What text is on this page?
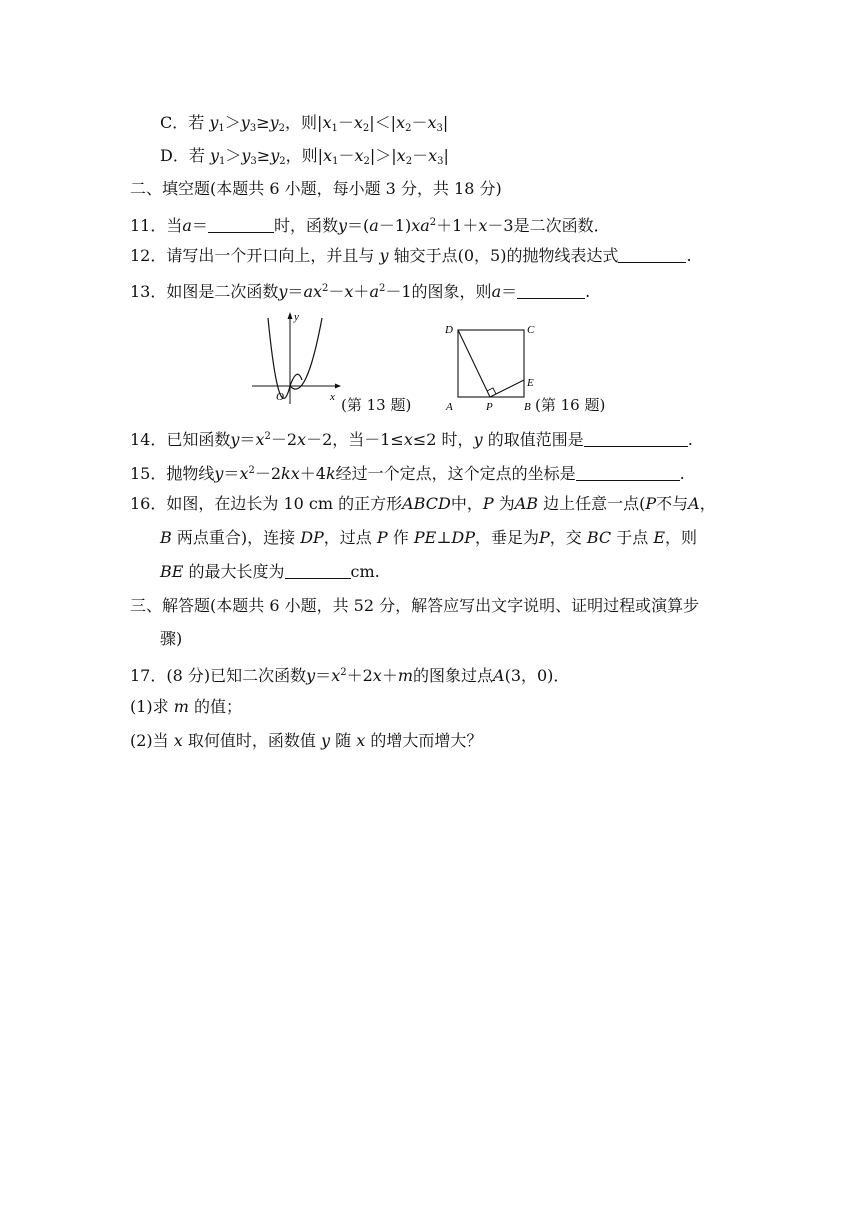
C．若 $y_1>y_3\ge y_2$，则$|x_1-x_2|<|x_2-x_3|$
D．若 $y_1>y_3\ge y_2$，则$|x_1-x_2|>|x_2-x_3|$
二、填空题(本题共 6 小题，每小题 3 分，共 18 分)
11．当a＝	时，函数$y=(a-1)xa^2+1+x-3$是二次函数．
12．请写出一个开口向上，并且与 y 轴交于点(0，5)的抛物线表达式	.
13．如图是二次函数$y=ax^2-x+a^2-1$的图象，则a＝	.
y
x
O	(第 13 题)
D	C
E
A	P	B (第 16 题)
14．已知函数$y=x^2-2x-2$，当－1≤x≤2 时，y 的取值范围是	.
15．抛物线$y=x^2-2kx+4k$经过一个定点，这个定点的坐标是	.
16．如图，在边长为 10 cm 的正方形ABCD中，P 为AB 边上任意一点(P不与A，
B 两点重合)，连接 DP，过点 P 作 PE⊥DP，垂足为P，交 BC 于点 E，则
BE 的最大长度为	cm.
三、解答题(本题共 6 小题，共 52 分，解答应写出文字说明、证明过程或演算步
骤)
17．(8 分)已知二次函数$y=x^2+2x+m$的图象过点A(3，0)．
(1)求 m 的值；
(2)当 x 取何值时，函数值 y 随 x 的增大而增大？
